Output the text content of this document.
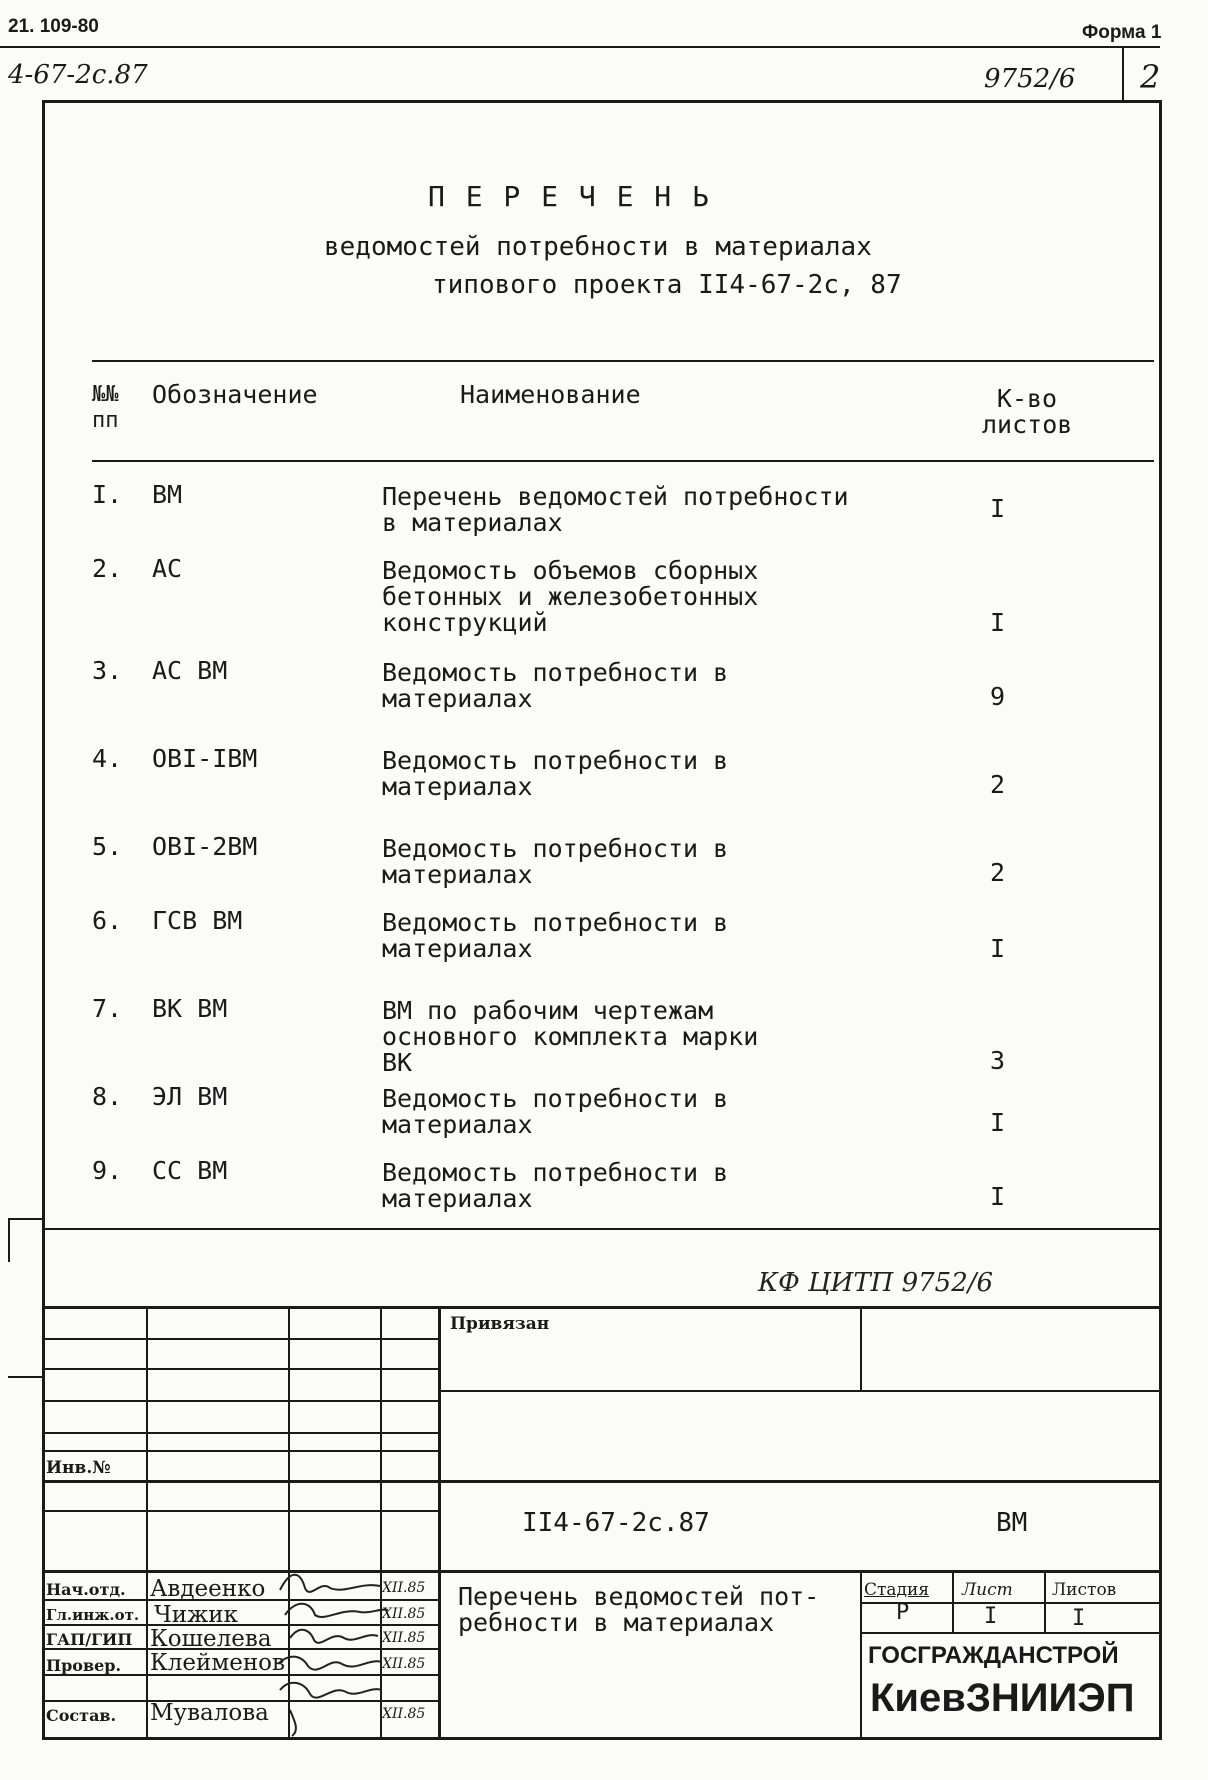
21. 109-80	Форма 1
4-67-2с.87	9752/6 2
П Е Р Е Ч Е Н Ь
ведомостей потребности в материалах
типового проекта II4-67-2с, 87
№№
пп
Обозначение	Наименование	К-во
листов
I. ВМ	Перечень ведомостей потребности
в материалах	I
2. АС	Ведомость объемов сборных
бетонных и железобетонных
конструкций	I
3. АС ВМ	Ведомость потребности в
материалах	9
4. ОВI-IВМ	Ведомость потребности в
материалах	2
5. ОВI-2ВМ	Ведомость потребности в
материалах	2
6. ГСВ ВМ	Ведомость потребности в
материалах	I
7. ВК ВМ	ВМ по рабочим чертежам
основного комплекта марки
ВК	3
8. ЭЛ ВМ	Ведомость потребности в
материалах	I
9. СС ВМ	Ведомость потребности в
материалах	I
КФ ЦИТП 9752/6
Привязан
Инв.№
II4-67-2с.87	ВМ
Перечень ведомостей пот-
ребности в материалах
Стадия Лист Листов
Р	I	I
ГОСГРАЖДАНСТРОЙ
КиевЗНИИЭП
Нач.отд. Авдеенко	XII.85
Гл.инж.от. Чижик	XII.85
ГАП/ГИП Кошелева	XII.85
Провер. Клейменов	XII.85
Состав. Мувалова	XII.85
